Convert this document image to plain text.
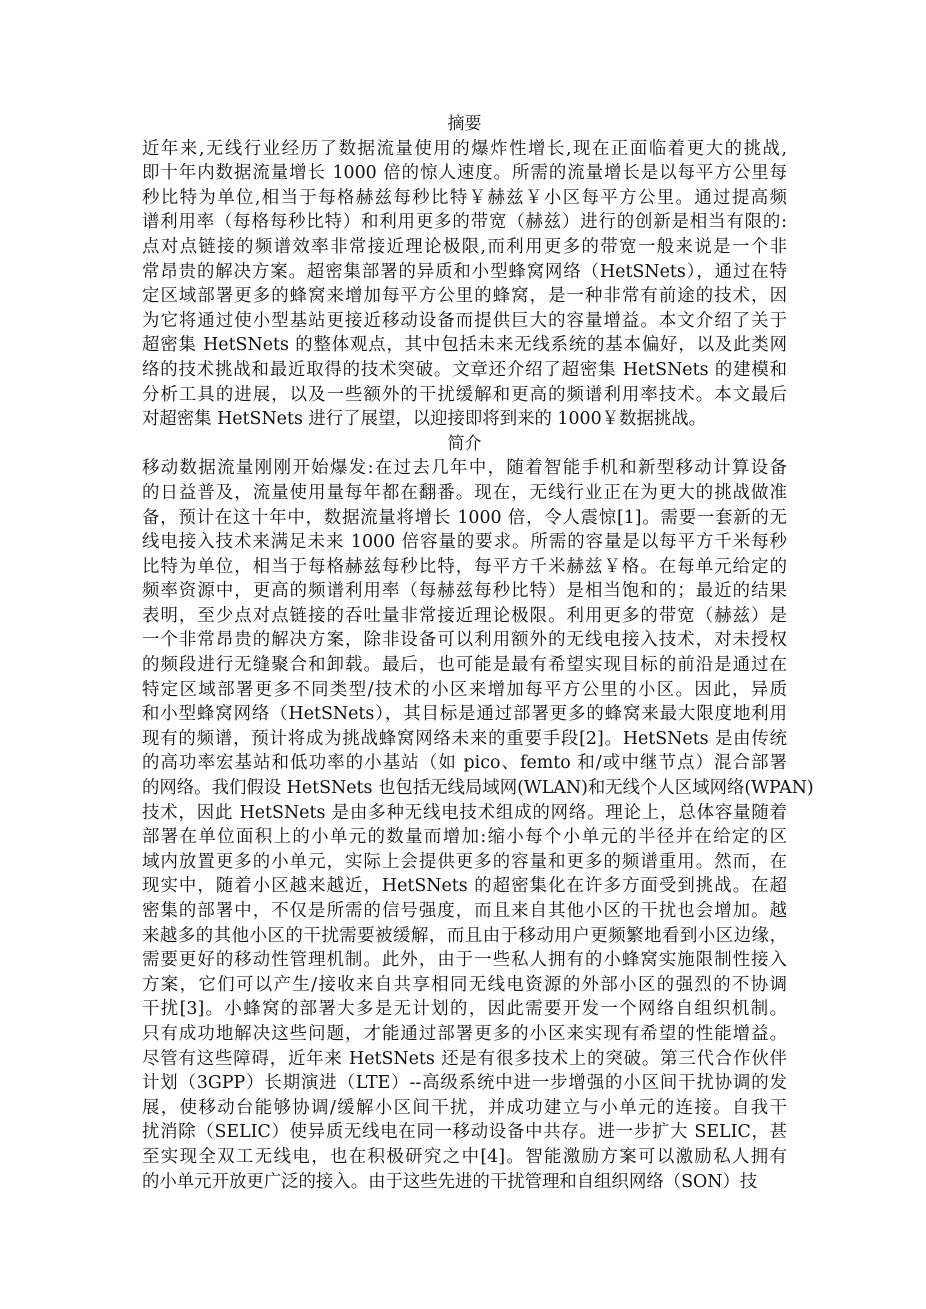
摘要
近年来,无线行业经历了数据流量使用的爆炸性增长,现在正面临着更大的挑战,
即十年内数据流量增长 1000 倍的惊人速度。所需的流量增长是以每平方公里每
秒比特为单位,相当于每格赫兹每秒比特￥赫兹￥小区每平方公里。通过提高频
谱利用率（每格每秒比特）和利用更多的带宽（赫兹）进行的创新是相当有限的:
点对点链接的频谱效率非常接近理论极限,而利用更多的带宽一般来说是一个非
常昂贵的解决方案。超密集部署的异质和小型蜂窝网络（HetSNets），通过在特
定区域部署更多的蜂窝来增加每平方公里的蜂窝，是一种非常有前途的技术，因
为它将通过使小型基站更接近移动设备而提供巨大的容量增益。本文介绍了关于
超密集 HetSNets 的整体观点，其中包括未来无线系统的基本偏好，以及此类网
络的技术挑战和最近取得的技术突破。文章还介绍了超密集 HetSNets 的建模和
分析工具的进展，以及一些额外的干扰缓解和更高的频谱利用率技术。本文最后
对超密集 HetSNets 进行了展望，以迎接即将到来的 1000￥数据挑战。
简介
移动数据流量刚刚开始爆发:在过去几年中，随着智能手机和新型移动计算设备
的日益普及，流量使用量每年都在翻番。现在，无线行业正在为更大的挑战做准
备，预计在这十年中，数据流量将增长 1000 倍，令人震惊[1]。需要一套新的无
线电接入技术来满足未来 1000 倍容量的要求。所需的容量是以每平方千米每秒
比特为单位，相当于每格赫兹每秒比特，每平方千米赫兹￥格。在每单元给定的
频率资源中，更高的频谱利用率（每赫兹每秒比特）是相当饱和的；最近的结果
表明，至少点对点链接的吞吐量非常接近理论极限。利用更多的带宽（赫兹）是
一个非常昂贵的解决方案，除非设备可以利用额外的无线电接入技术，对未授权
的频段进行无缝聚合和卸载。最后，也可能是最有希望实现目标的前沿是通过在
特定区域部署更多不同类型/技术的小区来增加每平方公里的小区。因此，异质
和小型蜂窝网络（HetSNets），其目标是通过部署更多的蜂窝来最大限度地利用
现有的频谱，预计将成为挑战蜂窝网络未来的重要手段[2]。HetSNets 是由传统
的高功率宏基站和低功率的小基站（如 pico、femto 和/或中继节点）混合部署
的网络。我们假设 HetSNets 也包括无线局域网(WLAN)和无线个人区域网络(WPAN)
技术，因此 HetSNets 是由多种无线电技术组成的网络。理论上，总体容量随着
部署在单位面积上的小单元的数量而增加:缩小每个小单元的半径并在给定的区
域内放置更多的小单元，实际上会提供更多的容量和更多的频谱重用。然而，在
现实中，随着小区越来越近，HetSNets 的超密集化在许多方面受到挑战。在超
密集的部署中，不仅是所需的信号强度，而且来自其他小区的干扰也会增加。越
来越多的其他小区的干扰需要被缓解，而且由于移动用户更频繁地看到小区边缘，
需要更好的移动性管理机制。此外，由于一些私人拥有的小蜂窝实施限制性接入
方案，它们可以产生/接收来自共享相同无线电资源的外部小区的强烈的不协调
干扰[3]。小蜂窝的部署大多是无计划的，因此需要开发一个网络自组织机制。
只有成功地解决这些问题，才能通过部署更多的小区来实现有希望的性能增益。
尽管有这些障碍，近年来 HetSNets 还是有很多技术上的突破。第三代合作伙伴
计划（3GPP）长期演进（LTE）--高级系统中进一步增强的小区间干扰协调的发
展，使移动台能够协调/缓解小区间干扰，并成功建立与小单元的连接。自我干
扰消除（SELIC）使异质无线电在同一移动设备中共存。进一步扩大 SELIC，甚
至实现全双工无线电，也在积极研究之中[4]。智能激励方案可以激励私人拥有
的小单元开放更广泛的接入。由于这些先进的干扰管理和自组织网络（SON）技
